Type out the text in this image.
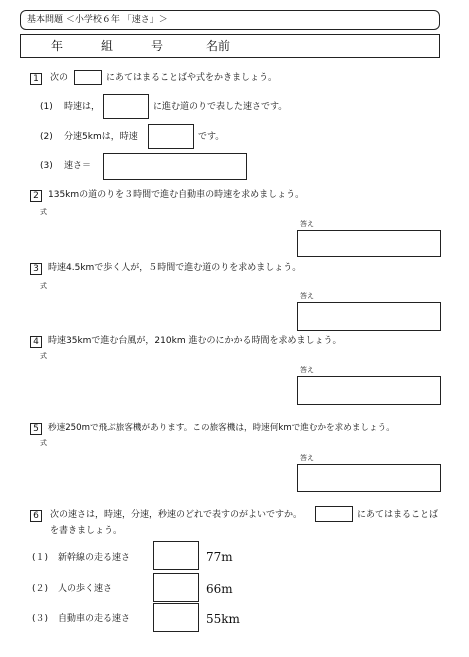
基本問題 ＜小学校６年 「速さ」＞
年	組	号	名前
1	次の	にあてはまることばや式をかきましょう。
(1) 時速は，	に進む道のりで表した速さです。
(2) 分速5kmは，時速	です。
(3) 速さ＝
2	135kmの道のりを３時間で進む自動車の時速を求めましょう。
式
答え
3	時速4.5kmで歩く人が，５時間で進む道のりを求めましょう。
式
答え
4	時速35kmで進む台風が，210km 進むのにかかる時間を求めましょう。
式
答え
5	秒速250mで飛ぶ旅客機があります。この旅客機は，時速何kmで進むかを求めましょう。
式
答え
6	次の速さは，時速，分速，秒速のどれで表すのがよいですか。	にあてはまることば
を書きましょう。
(１) 新幹線の走る速さ	77m
(２) 人の歩く速さ	66m
(３) 自動車の走る速さ	55km
